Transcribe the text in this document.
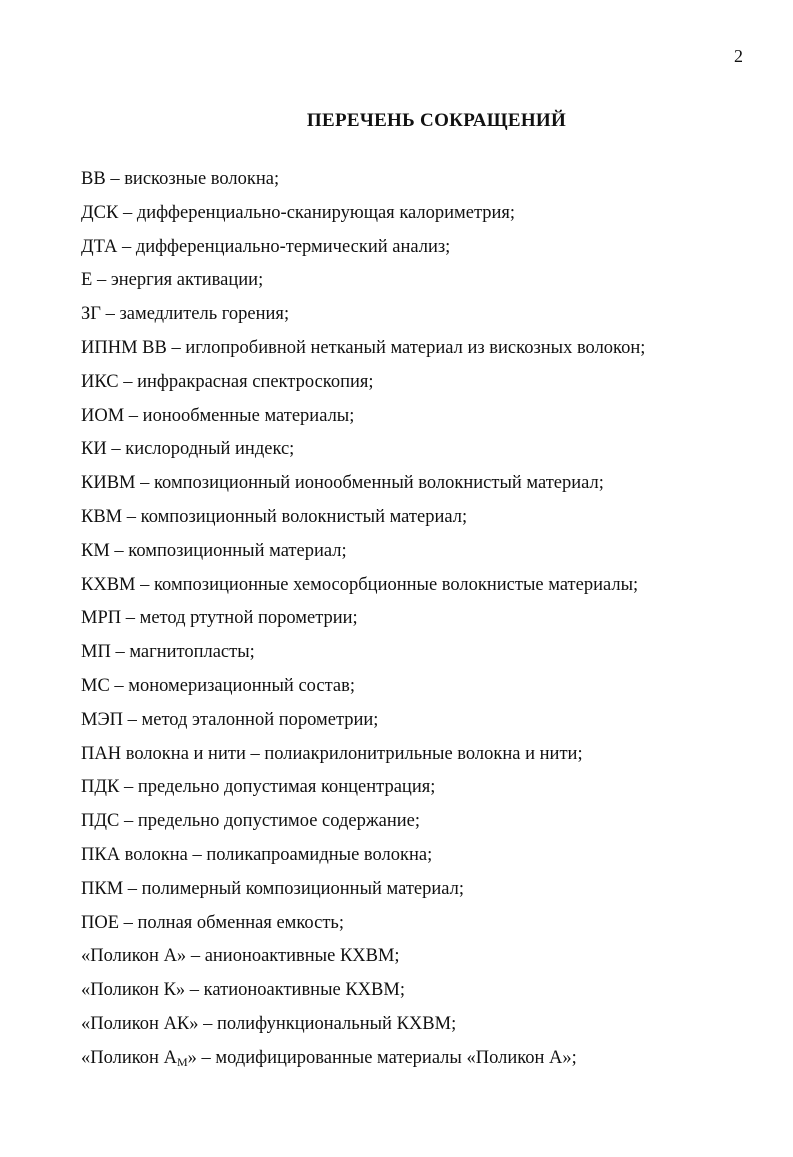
2
ПЕРЕЧЕНЬ СОКРАЩЕНИЙ
ВВ – вискозные волокна;
ДСК – дифференциально-сканирующая калориметрия;
ДТА – дифференциально-термический анализ;
Е – энергия активации;
ЗГ – замедлитель горения;
ИПНМ ВВ – иглопробивной нетканый материал из вискозных волокон;
ИКС – инфракрасная спектроскопия;
ИОМ – ионообменные материалы;
КИ – кислородный индекс;
КИВМ – композиционный ионообменный волокнистый материал;
КВМ – композиционный волокнистый материал;
КМ – композиционный материал;
КХВМ – композиционные хемосорбционные волокнистые материалы;
МРП – метод ртутной порометрии;
МП – магнитопласты;
МС – мономеризационный состав;
МЭП – метод эталонной порометрии;
ПАН волокна и нити – полиакрилонитрильные волокна и нити;
ПДК – предельно допустимая концентрация;
ПДС – предельно допустимое содержание;
ПКА волокна – поликапроамидные волокна;
ПКМ – полимерный композиционный материал;
ПОЕ – полная обменная емкость;
«Поликон А» – анионоактивные КХВМ;
«Поликон К» – катионоактивные КХВМ;
«Поликон АК» – полифункциональный КХВМ;
«Поликон $А_М$» – модифицированные материалы «Поликон А»;
